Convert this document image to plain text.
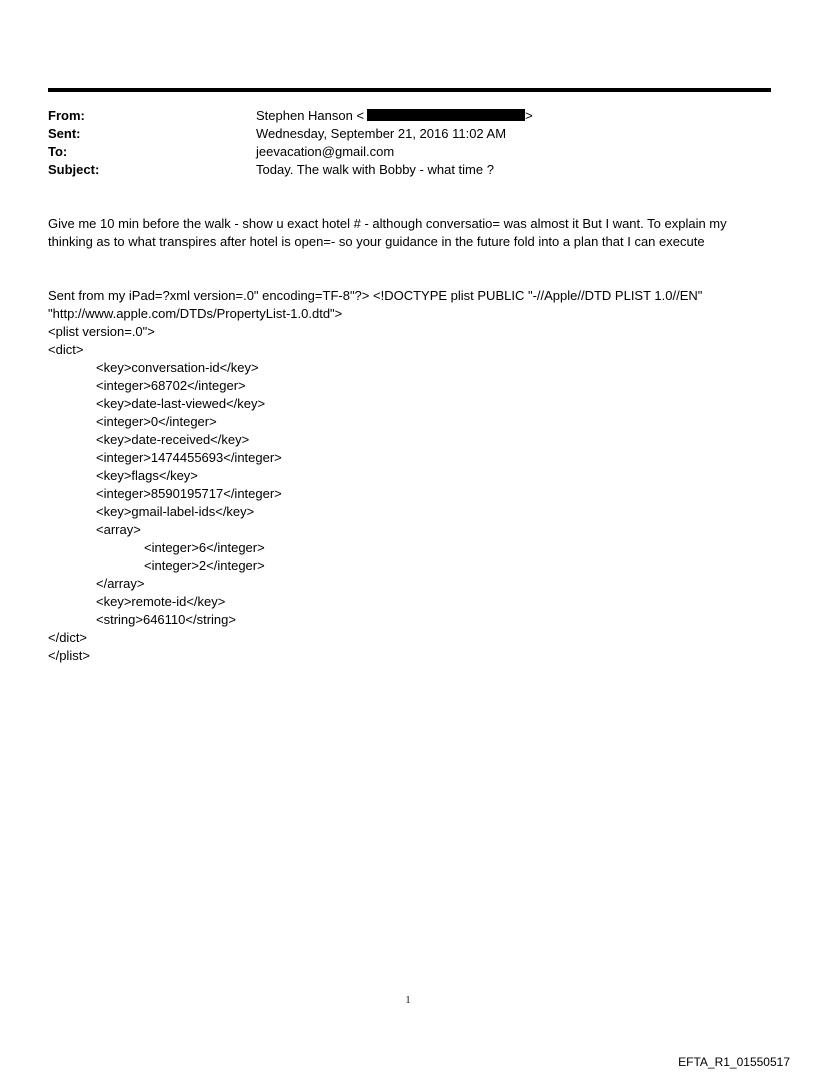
From:	Stephen Hanson <	>
Sent:	Wednesday, September 21, 2016 11:02 AM
To:	jeevacation@gmail.com
Subject:	Today. The walk with Bobby - what time ?
Give me 10 min before the walk - show u exact hotel # - although conversatio= was almost it But I want. To explain my
thinking as to what transpires after hotel is open=- so your guidance in the future fold into a plan that I can execute
Sent from my iPad=?xml version=.0" encoding=TF-8"?> <!DOCTYPE plist PUBLIC "-//Apple//DTD PLIST 1.0//EN"
"http://www.apple.com/DTDs/PropertyList-1.0.dtd">
<plist version=.0">
<dict>
<key>conversation-id</key>
<integer>68702</integer>
<key>date-last-viewed</key>
<integer>0</integer>
<key>date-received</key>
<integer>1474455693</integer>
<key>flags</key>
<integer>8590195717</integer>
<key>gmail-label-ids</key>
<array>
<integer>6</integer>
<integer>2</integer>
</array>
<key>remote-id</key>
<string>646110</string>
</dict>
</plist>
1
EFTA_R1_01550517
